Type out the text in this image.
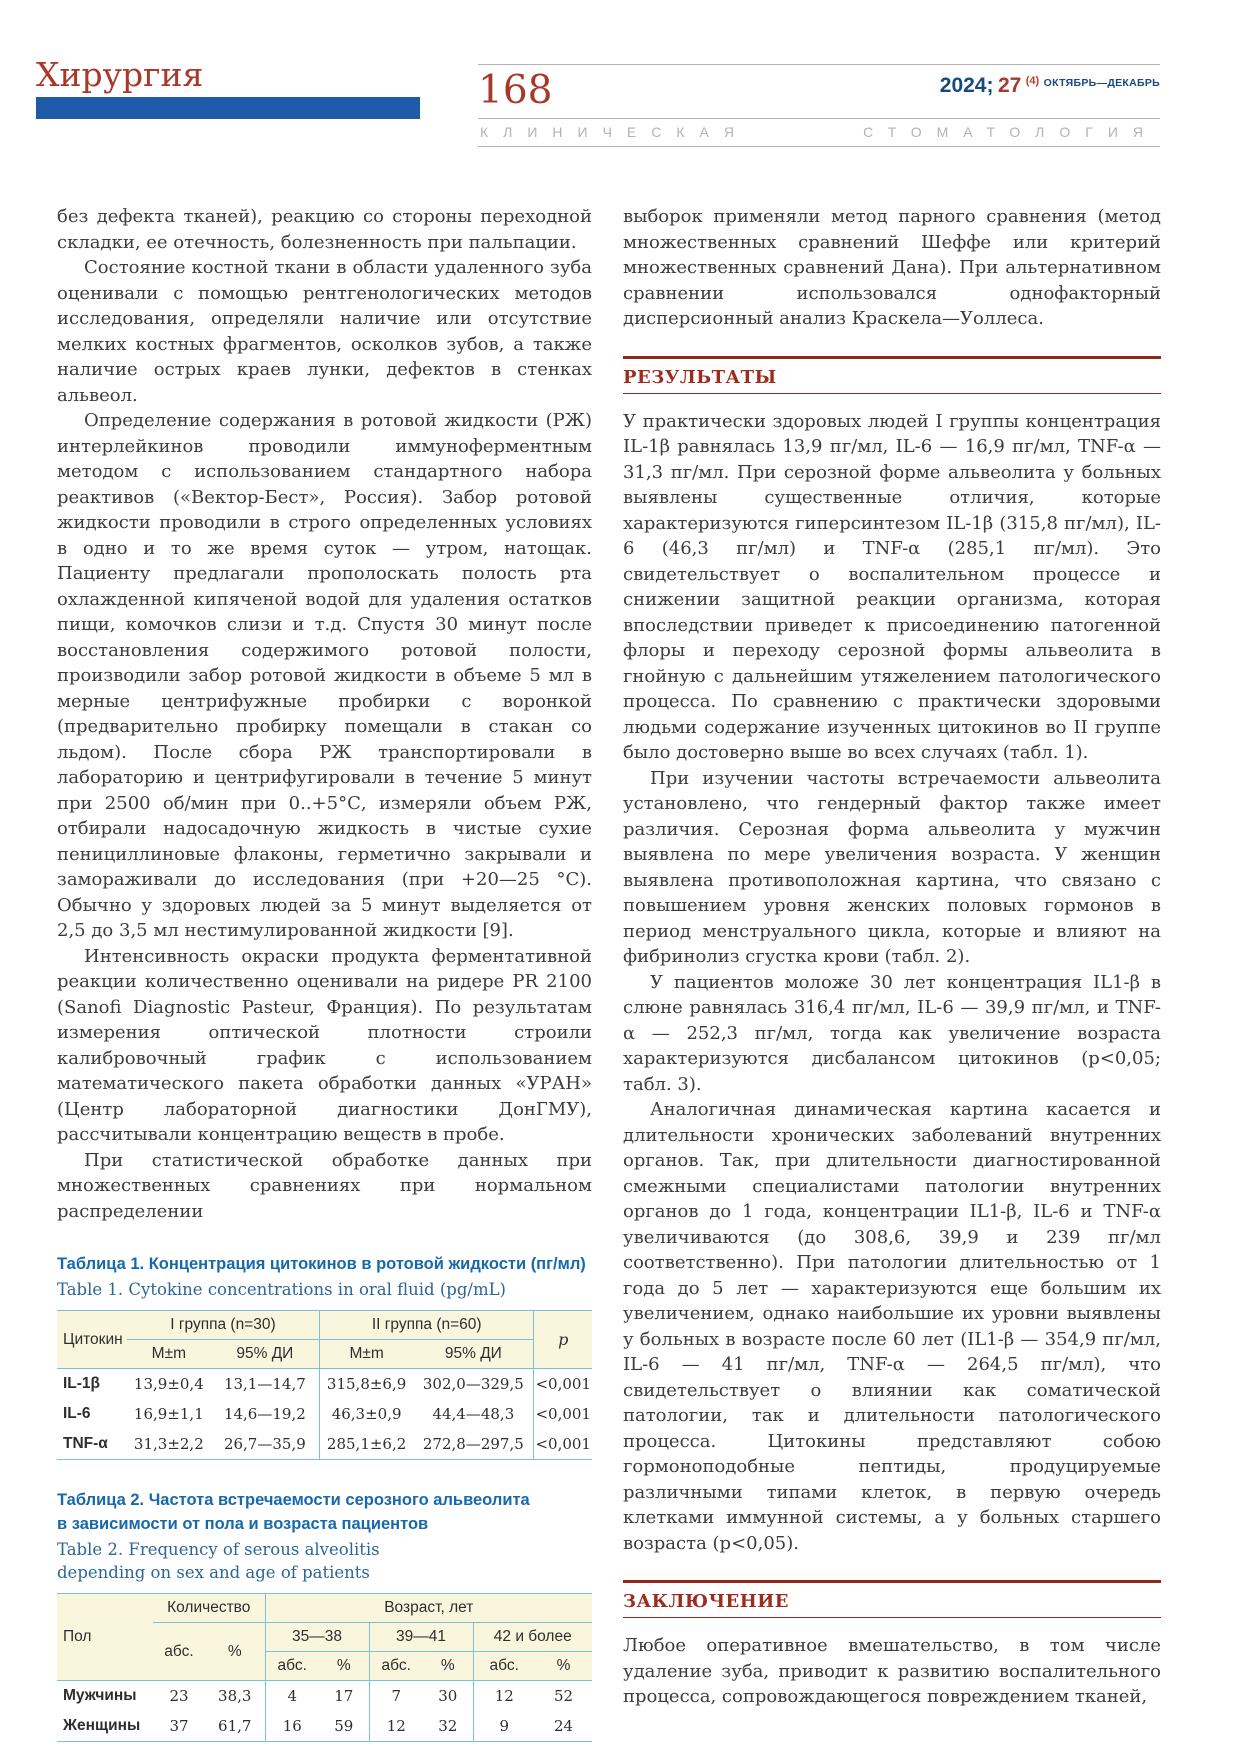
Хирургия	168	2024; 27 $^{(4)}$ $^{ОКТЯБРЬ—ДЕКАБРЬ}$
КЛИНИЧЕСКАЯ	СТОМАТОЛОГИЯ

без дефекта тканей), реакцию со стороны переходной складки, ее отечность, болезненность при пальпации.

Состояние костной ткани в области удаленного зуба оценивали с помощью рентгенологических методов исследования, определяли наличие или отсутствие мелких костных фрагментов, осколков зубов, а также наличие острых краев лунки, дефектов в стенках альвеол.

Определение содержания в ротовой жидкости (РЖ) интерлейкинов проводили иммуноферментным методом с использованием стандартного набора реактивов («Вектор-Бест», Россия). Забор ротовой жидкости проводили в строго определенных условиях в одно и то же время суток — утром, натощак. Пациенту предлагали прополоскать полость рта охлажденной кипяченой водой для удаления остатков пищи, комочков слизи и т.д. Спустя 30 минут после восстановления содержимого ротовой полости, производили забор ротовой жидкости в объеме 5 мл в мерные центрифужные пробирки с воронкой (предварительно пробирку помещали в стакан со льдом). После сбора РЖ транспортировали в лабораторию и центрифугировали в течение 5 минут при 2500 об/мин при 0..+5°С, измеряли объем РЖ, отбирали надосадочную жидкость в чистые сухие пенициллиновые флаконы, герметично закрывали и замораживали до исследования (при +20—25 °С). Обычно у здоровых людей за 5 минут выделяется от 2,5 до 3,5 мл нестимулированной жидкости [9].

Интенсивность окраски продукта ферментативной реакции количественно оценивали на ридере PR 2100 (Sanofi Diagnostic Pasteur, Франция). По результатам измерения оптической плотности строили калибровочный график с использованием математического пакета обработки данных «УРАН» (Центр лабораторной диагностики ДонГМУ), рассчитывали концентрацию веществ в пробе.

При статистической обработке данных при множественных сравнениях при нормальном распределении

Таблица 1. Концентрация цитокинов в ротовой жидкости (пг/мл)
Table 1. Cytokine concentrations in oral fluid (pg/mL)
Цитокин	I группа (n=30)		II группа (n=60)		p
	М±m	95% ДИ	М±m	95% ДИ	
IL-1β	13,9±0,4	13,1—14,7	315,8±6,9	302,0—329,5	<0,001
IL-6	16,9±1,1	14,6—19,2	46,3±0,9	44,4—48,3	<0,001
TNF-α	31,3±2,2	26,7—35,9	285,1±6,2	272,8—297,5	<0,001
Таблица 2. Частота встречаемости серозного альвеолита
в зависимости от пола и возраста пациентов
Table 2. Frequency of serous alveolitis
depending on sex and age of patients
Пол	Количество		Возраст, лет					
	абс.	%	35—38		39—41		42 и более	
			абс.	%	абс.	%	абс.	%
Мужчины	23	38,3	4	17	7	30	12	52
Женщины	37	61,7	16	59	12	32	9	24

выборок применяли метод парного сравнения (метод множественных сравнений Шеффе или критерий множественных сравнений Дана). При альтернативном сравнении использовался однофакторный дисперсионный анализ Краскела—Уоллеса.

РЕЗУЛЬТАТЫ

У практически здоровых людей I группы концентрация IL-1β равнялась 13,9 пг/мл, IL-6 — 16,9 пг/мл, TNF-α — 31,3 пг/мл. При серозной форме альвеолита у больных выявлены существенные отличия, которые характеризуются гиперсинтезом IL-1β (315,8 пг/мл), IL-6 (46,3 пг/мл) и TNF-α (285,1 пг/мл). Это свидетельствует о воспалительном процессе и снижении защитной реакции организма, которая впоследствии приведет к присоединению патогенной флоры и переходу серозной формы альвеолита в гнойную с дальнейшим утяжелением патологического процесса. По сравнению с практически здоровыми людьми содержание изученных цитокинов во II группе было достоверно выше во всех случаях (табл. 1).

При изучении частоты встречаемости альвеолита установлено, что гендерный фактор также имеет различия. Серозная форма альвеолита у мужчин выявлена по мере увеличения возраста. У женщин выявлена противоположная картина, что связано с повышением уровня женских половых гормонов в период менструального цикла, которые и влияют на фибринолиз сгустка крови (табл. 2).

У пациентов моложе 30 лет концентрация IL1-β в слюне равнялась 316,4 пг/мл, IL-6 — 39,9 пг/мл, и TNF-α — 252,3 пг/мл, тогда как увеличение возраста характеризуются дисбалансом цитокинов (p<0,05; табл. 3).

Аналогичная динамическая картина касается и длительности хронических заболеваний внутренних органов. Так, при длительности диагностированной смежными специалистами патологии внутренних органов до 1 года, концентрации IL1-β, IL-6 и TNF-α увеличиваются (до 308,6, 39,9 и 239 пг/мл соответственно). При патологии длительностью от 1 года до 5 лет — характеризуются еще большим их увеличением, однако наибольшие их уровни выявлены у больных в возрасте после 60 лет (IL1-β — 354,9 пг/мл, IL-6 — 41 пг/мл, TNF-α — 264,5 пг/мл), что свидетельствует о влиянии как соматической патологии, так и длительности патологического процесса. Цитокины представляют собою гормоноподобные пептиды, продуцируемые различными типами клеток, в первую очередь клетками иммунной системы, а у больных старшего возраста (p<0,05).

ЗАКЛЮЧЕНИЕ

Любое оперативное вмешательство, в том числе удаление зуба, приводит к развитию воспалительного процесса, сопровождающегося повреждением тканей,
